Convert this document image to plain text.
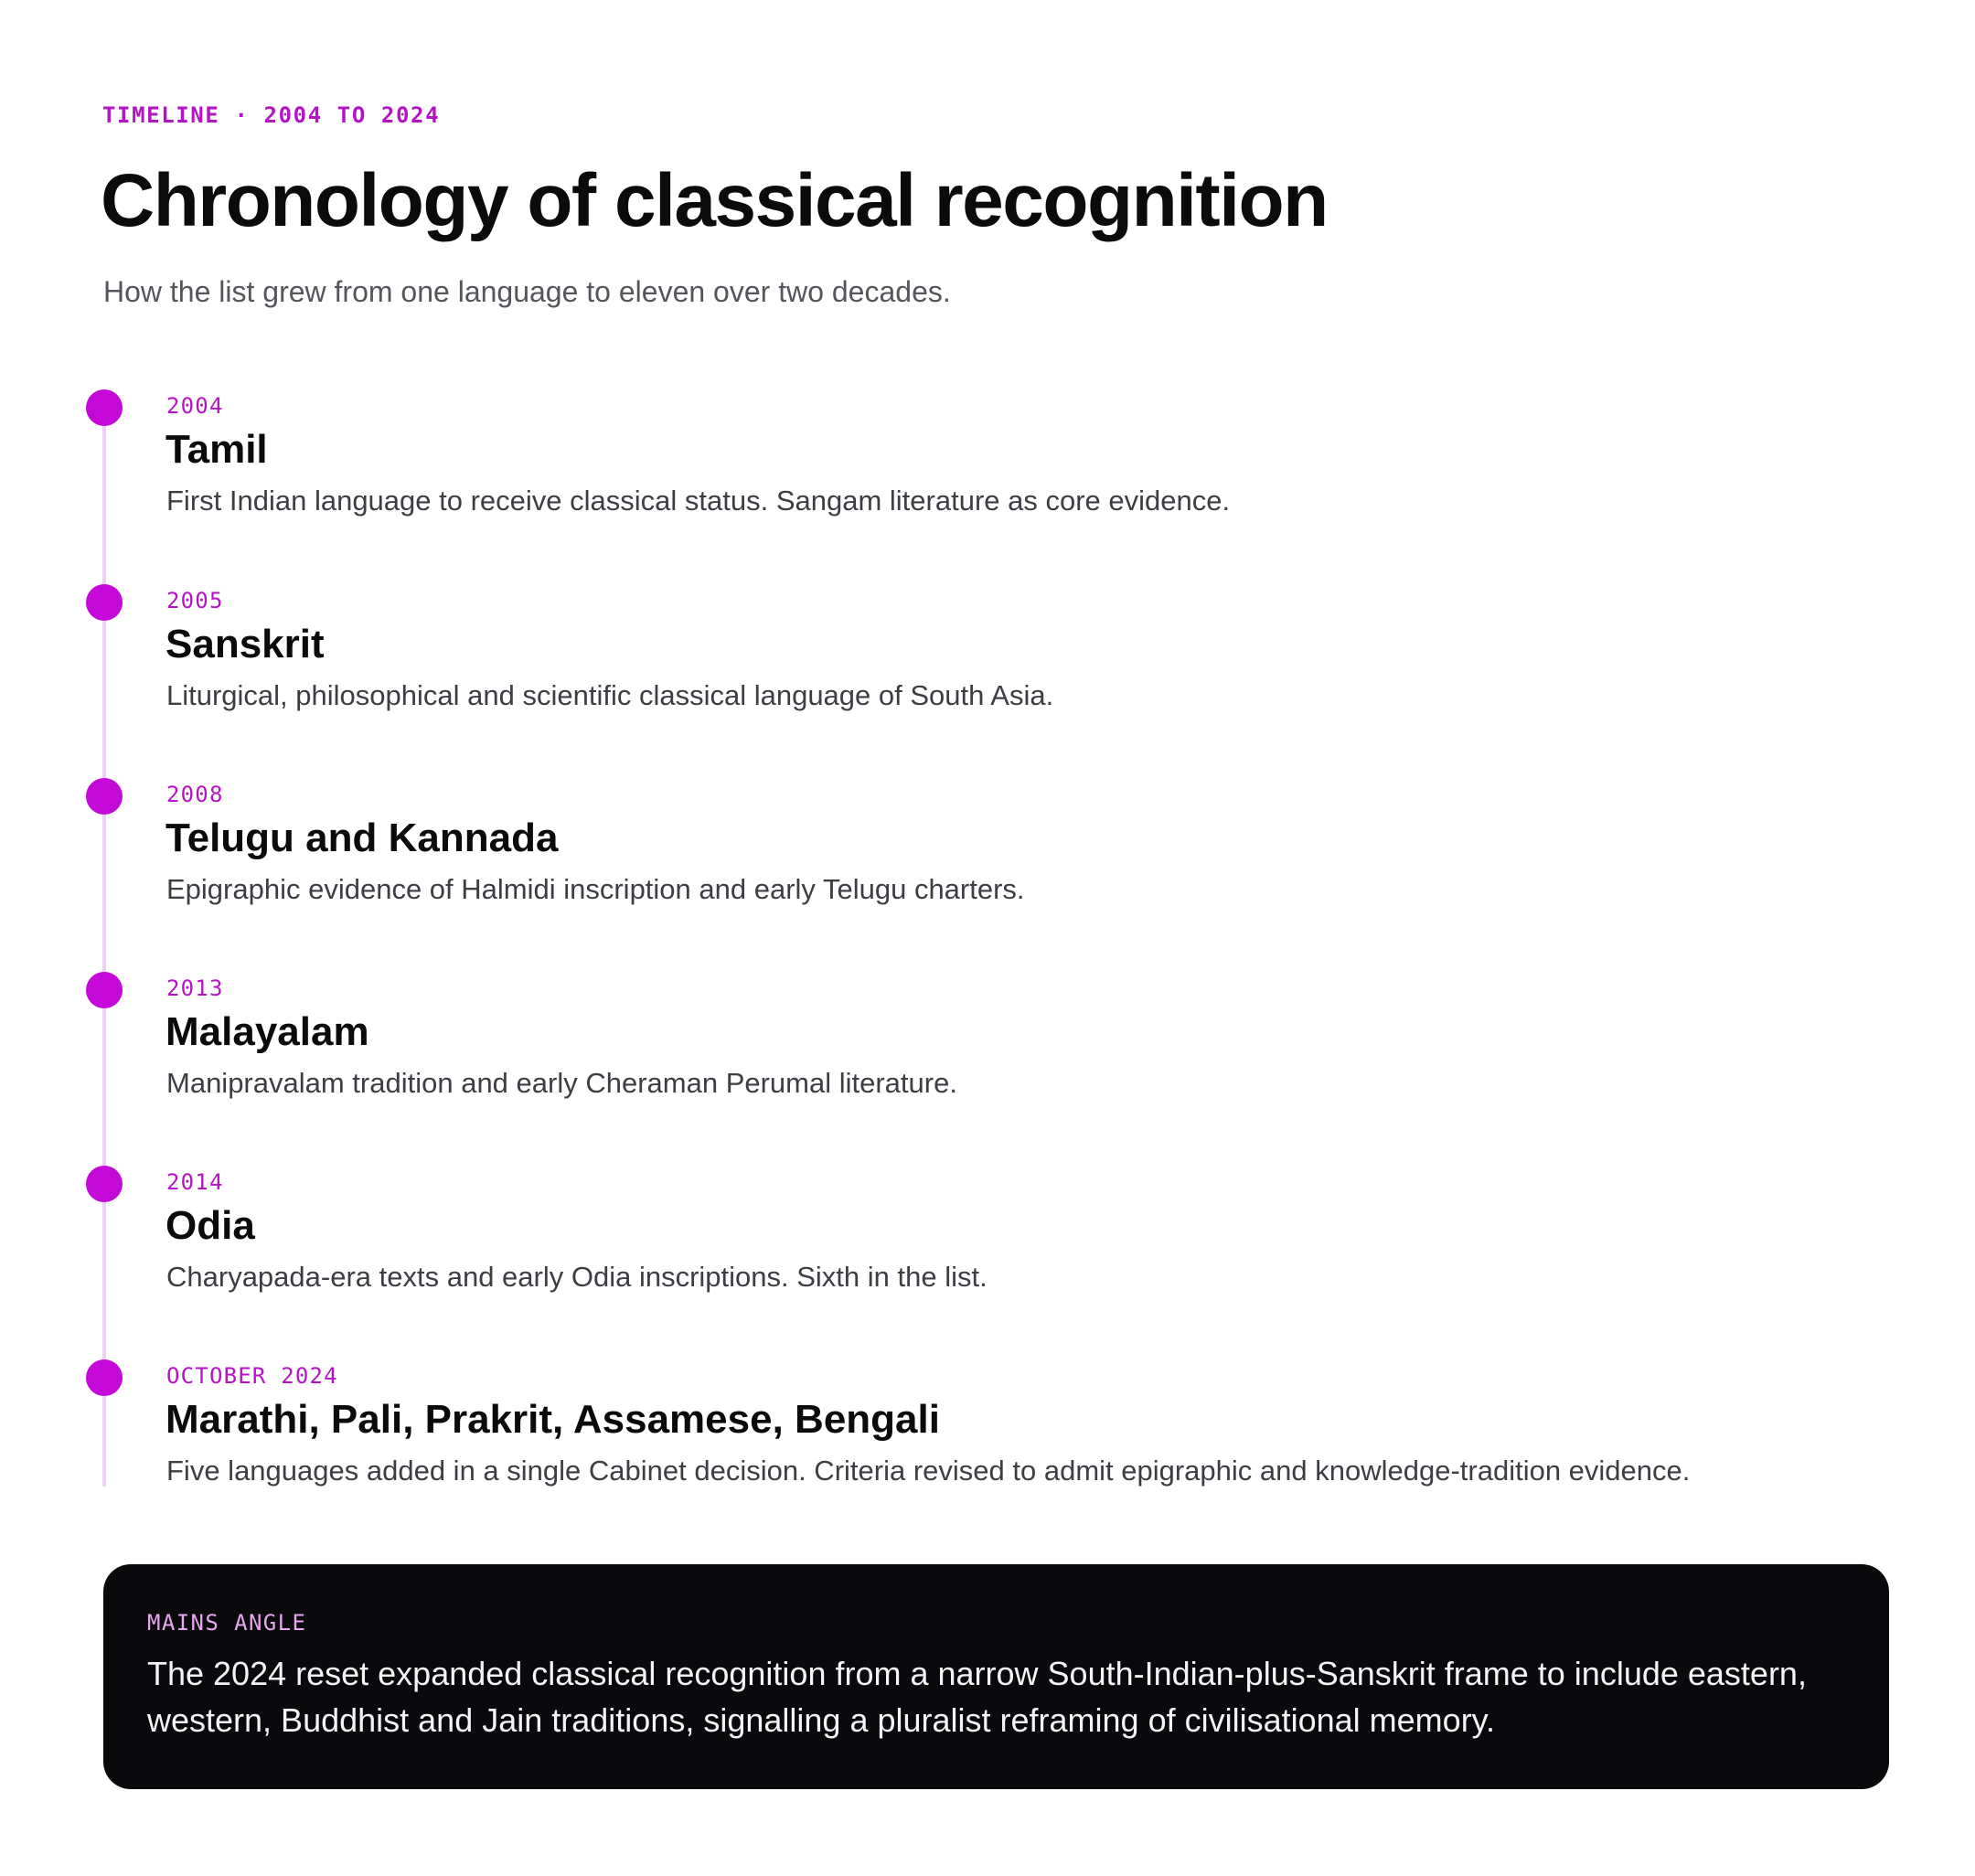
TIMELINE · 2004 TO 2024
Chronology of classical recognition
How the list grew from one language to eleven over two decades.
2004
Tamil
First Indian language to receive classical status. Sangam literature as core evidence.
2005
Sanskrit
Liturgical, philosophical and scientific classical language of South Asia.
2008
Telugu and Kannada
Epigraphic evidence of Halmidi inscription and early Telugu charters.
2013
Malayalam
Manipravalam tradition and early Cheraman Perumal literature.
2014
Odia
Charyapada-era texts and early Odia inscriptions. Sixth in the list.
OCTOBER 2024
Marathi, Pali, Prakrit, Assamese, Bengali
Five languages added in a single Cabinet decision. Criteria revised to admit epigraphic and knowledge-tradition evidence.
MAINS ANGLE
The 2024 reset expanded classical recognition from a narrow South-Indian-plus-Sanskrit frame to include eastern, western, Buddhist and Jain traditions, signalling a pluralist reframing of civilisational memory.
